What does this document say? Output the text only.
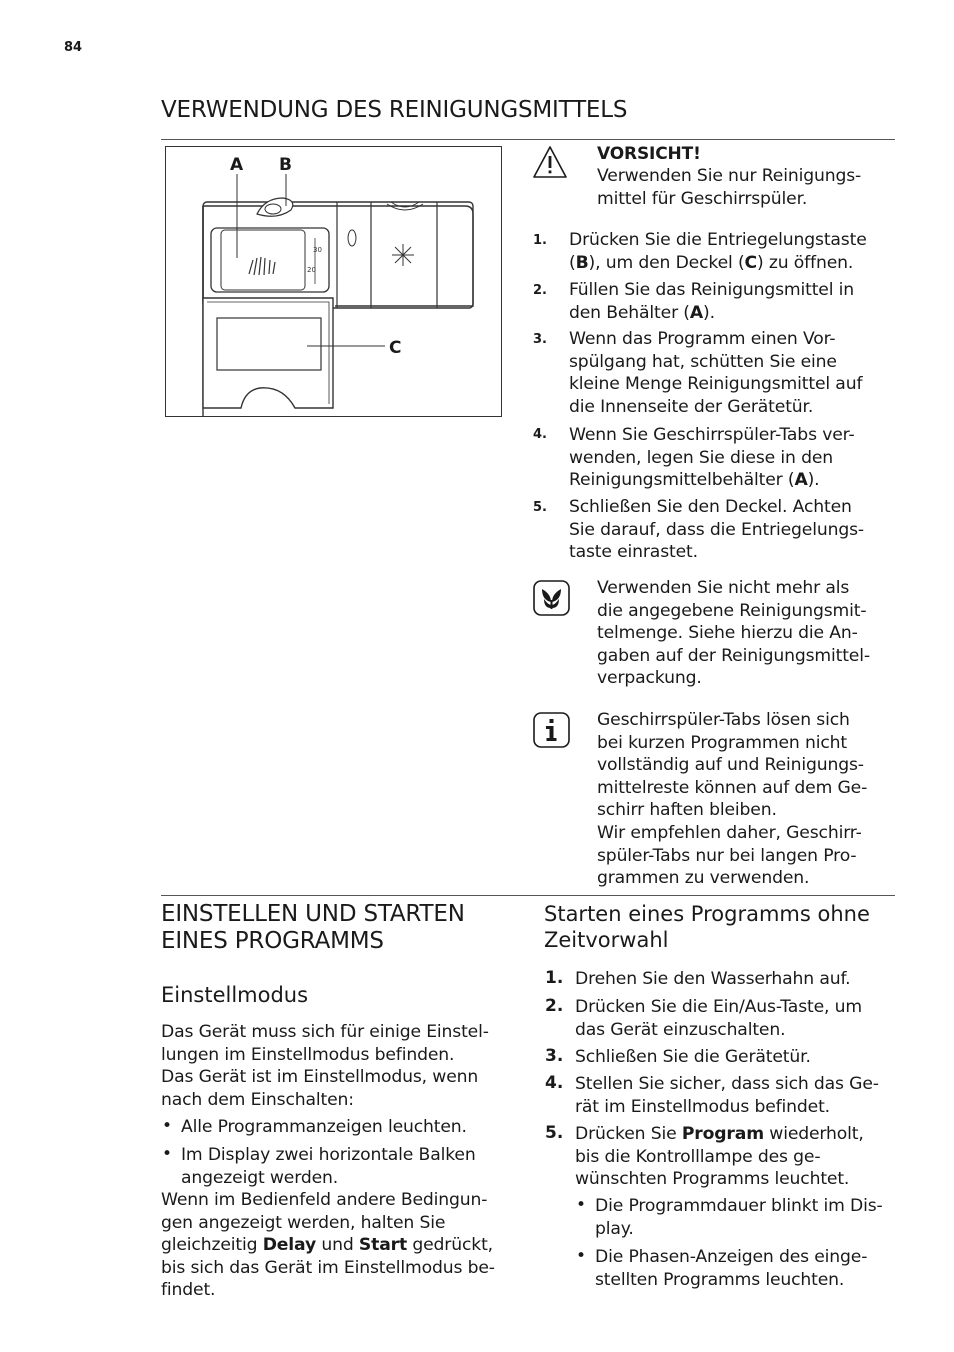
84
VERWENDUNG DES REINIGUNGSMITTELS
30
20
A B
C
VORSICHT!
Verwenden Sie nur Reinigungs-
mittel für Geschirrspüler.
1. Drücken Sie die Entriegelungstaste
(B), um den Deckel (C) zu öffnen.
2. Füllen Sie das Reinigungsmittel in
den Behälter (A).
3. Wenn das Programm einen Vor-
spülgang hat, schütten Sie eine
kleine Menge Reinigungsmittel auf
die Innenseite der Gerätetür.
4. Wenn Sie Geschirrspüler-Tabs ver-
wenden, legen Sie diese in den
Reinigungsmittelbehälter (A).
5. Schließen Sie den Deckel. Achten
Sie darauf, dass die Entriegelungs-
taste einrastet.
Verwenden Sie nicht mehr als
die angegebene Reinigungsmit-
telmenge. Siehe hierzu die An-
gaben auf der Reinigungsmittel-
verpackung.
Geschirrspüler-Tabs lösen sich
bei kurzen Programmen nicht
vollständig auf und Reinigungs-
mittelreste können auf dem Ge-
schirr haften bleiben.
Wir empfehlen daher, Geschirr-
spüler-Tabs nur bei langen Pro-
grammen zu verwenden.
EINSTELLEN UND STARTEN
EINES PROGRAMMS
Einstellmodus
Das Gerät muss sich für einige Einstel-
lungen im Einstellmodus befinden.
Das Gerät ist im Einstellmodus, wenn
nach dem Einschalten:
• Alle Programmanzeigen leuchten.
• Im Display zwei horizontale Balken
angezeigt werden.
Wenn im Bedienfeld andere Bedingun-
gen angezeigt werden, halten Sie
gleichzeitig Delay und Start gedrückt,
bis sich das Gerät im Einstellmodus be-
findet.
Starten eines Programms ohne
Zeitvorwahl
1. Drehen Sie den Wasserhahn auf.
2. Drücken Sie die Ein/Aus-Taste, um
das Gerät einzuschalten.
3. Schließen Sie die Gerätetür.
4. Stellen Sie sicher, dass sich das Ge-
rät im Einstellmodus befindet.
5. Drücken Sie Program wiederholt,
bis die Kontrolllampe des ge-
wünschten Programms leuchtet.
• Die Programmdauer blinkt im Dis-
play.
• Die Phasen-Anzeigen des einge-
stellten Programms leuchten.
